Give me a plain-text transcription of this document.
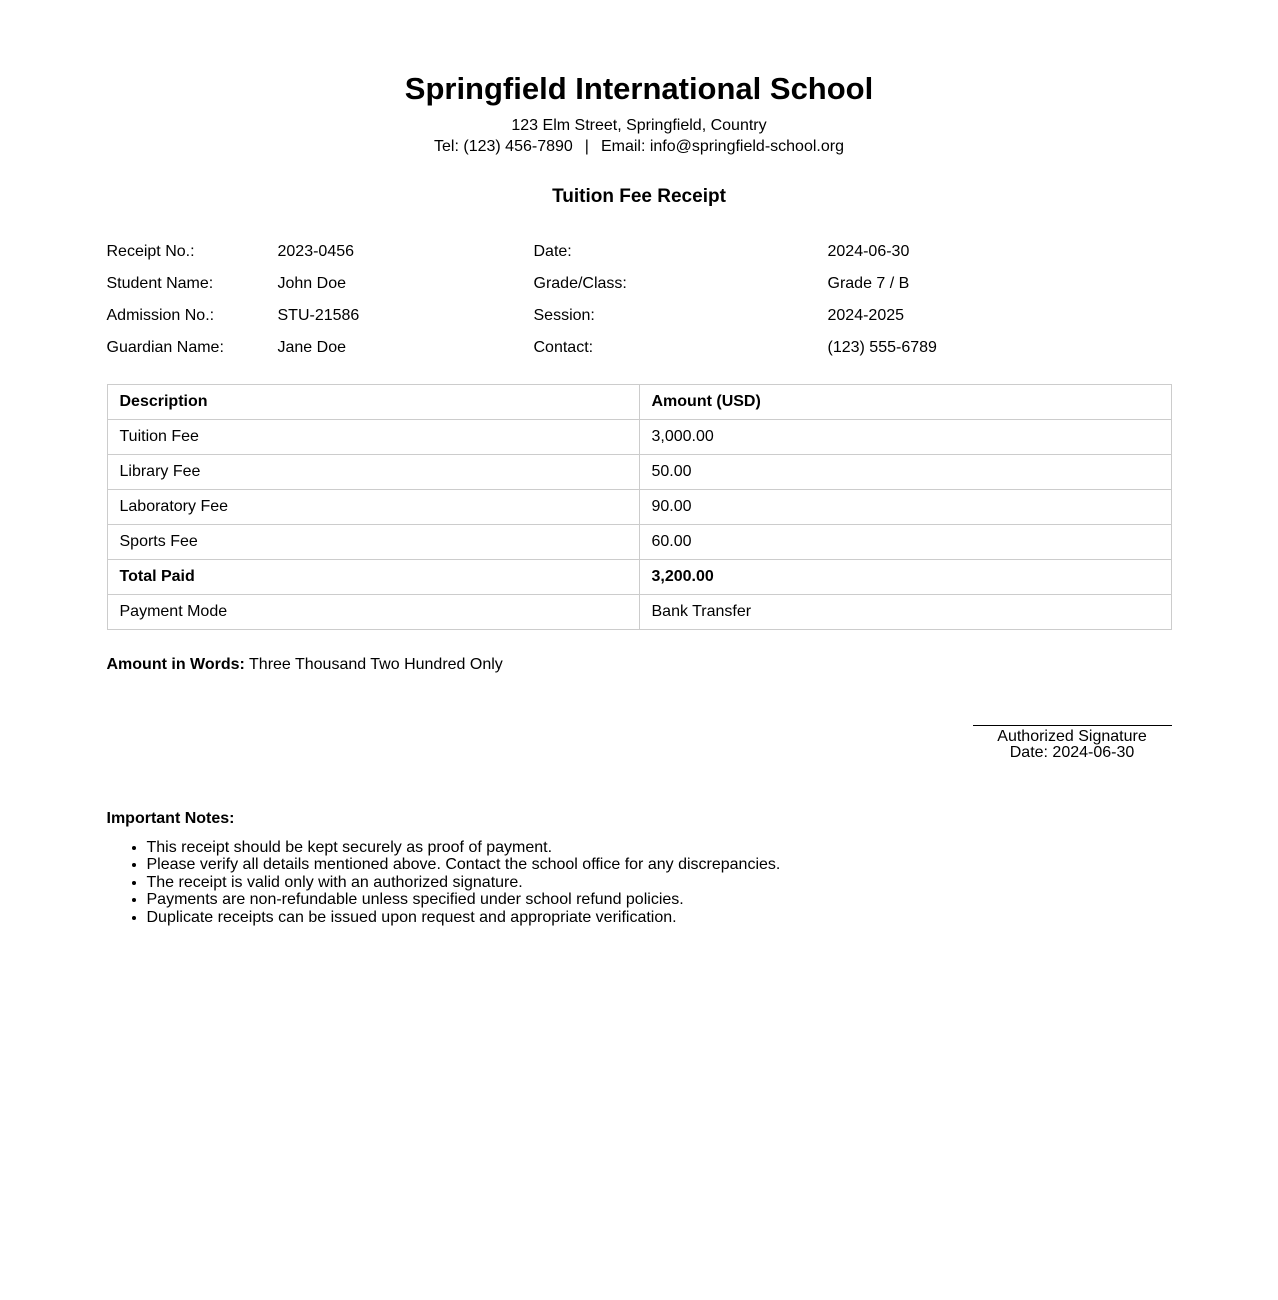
Springfield International School

123 Elm Street, Springfield, Country

Tel: (123) 456-7890 | Email: info@springfield-school.org

Tuition Fee Receipt
Receipt No.:	2023-0456	Date:	2024-06-30
Student Name:	John Doe	Grade/Class:	Grade 7 / B
Admission No.:	STU-21586	Session:	2024-2025
Guardian Name:	Jane Doe	Contact:	(123) 555-6789
Description	Amount (USD)
Tuition Fee	3,000.00
Library Fee	50.00
Laboratory Fee	90.00
Sports Fee	60.00
Total Paid	3,200.00
Payment Mode	Bank Transfer

Amount in Words: Three Thousand Two Hundred Only

Authorized Signature
Date: 2024-06-30

Important Notes:

• This receipt should be kept securely as proof of payment.
• Please verify all details mentioned above. Contact the school office for any discrepancies.
• The receipt is valid only with an authorized signature.
• Payments are non-refundable unless specified under school refund policies.
• Duplicate receipts can be issued upon request and appropriate verification.
